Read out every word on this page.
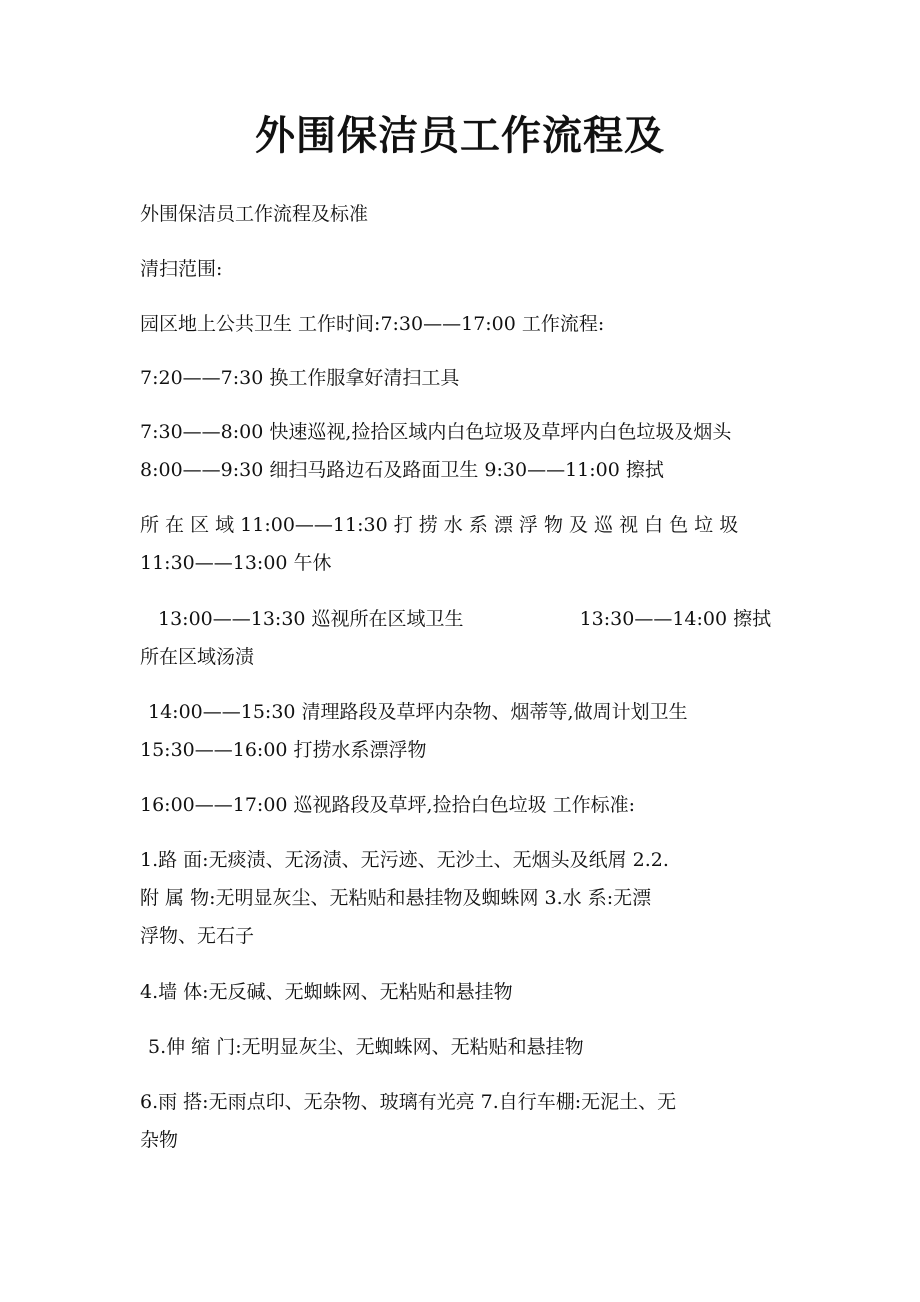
外围保洁员工作流程及
外围保洁员工作流程及标准
清扫范围:
园区地上公共卫生 工作时间:7:30——17:00 工作流程:
7:20——7:30 换工作服拿好清扫工具
7:30——8:00 快速巡视,捡拾区域内白色垃圾及草坪内白色垃圾及烟头
8:00——9:30 细扫马路边石及路面卫生 9:30——11:00 擦拭
所 在 区 域 11:00——11:30 打 捞 水 系 漂 浮 物 及 巡 视 白 色 垃 圾
11:30——13:00 午休
13:00——13:30 巡视所在区域卫生	13:30——14:00 擦拭
所在区域汤渍
14:00——15:30 清理路段及草坪内杂物、烟蒂等,做周计划卫生
15:30——16:00 打捞水系漂浮物
16:00——17:00 巡视路段及草坪,捡拾白色垃圾 工作标准:
1.路 面:无痰渍、无汤渍、无污迹、无沙土、无烟头及纸屑 2.2.
附 属 物:无明显灰尘、无粘贴和悬挂物及蜘蛛网 3.水 系:无漂
浮物、无石子
4.墙 体:无反碱、无蜘蛛网、无粘贴和悬挂物
5.伸 缩 门:无明显灰尘、无蜘蛛网、无粘贴和悬挂物
6.雨 搭:无雨点印、无杂物、玻璃有光亮 7.自行车棚:无泥土、无
杂物
